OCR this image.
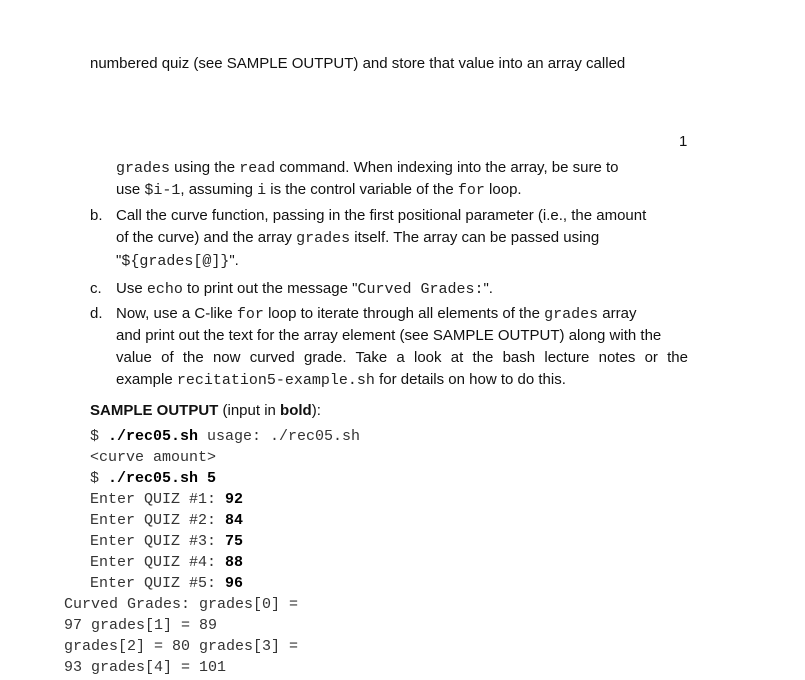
numbered quiz (see SAMPLE OUTPUT) and store that value into an array called
1
grades using the read command. When indexing into the array, be sure to
use $i-1, assuming i is the control variable of the for loop.
b. Call the curve function, passing in the first positional parameter (i.e., the amount
of the curve) and the array grades itself. The array can be passed using
"${grades[@]}".
c. Use echo to print out the message "Curved Grades:".
d. Now, use a C-like for loop to iterate through all elements of the grades array
and print out the text for the array element (see SAMPLE OUTPUT) along with the
value of the now curved grade. Take a look at the bash lecture notes or the
example recitation5-example.sh for details on how to do this.
SAMPLE OUTPUT (input in bold):
$ ./rec05.sh usage: ./rec05.sh
<curve amount>
$ ./rec05.sh 5
Enter QUIZ #1: 92
Enter QUIZ #2: 84
Enter QUIZ #3: 75
Enter QUIZ #4: 88
Enter QUIZ #5: 96
Curved Grades: grades[0] =
97 grades[1] = 89
grades[2] = 80 grades[3] =
93 grades[4] = 101
